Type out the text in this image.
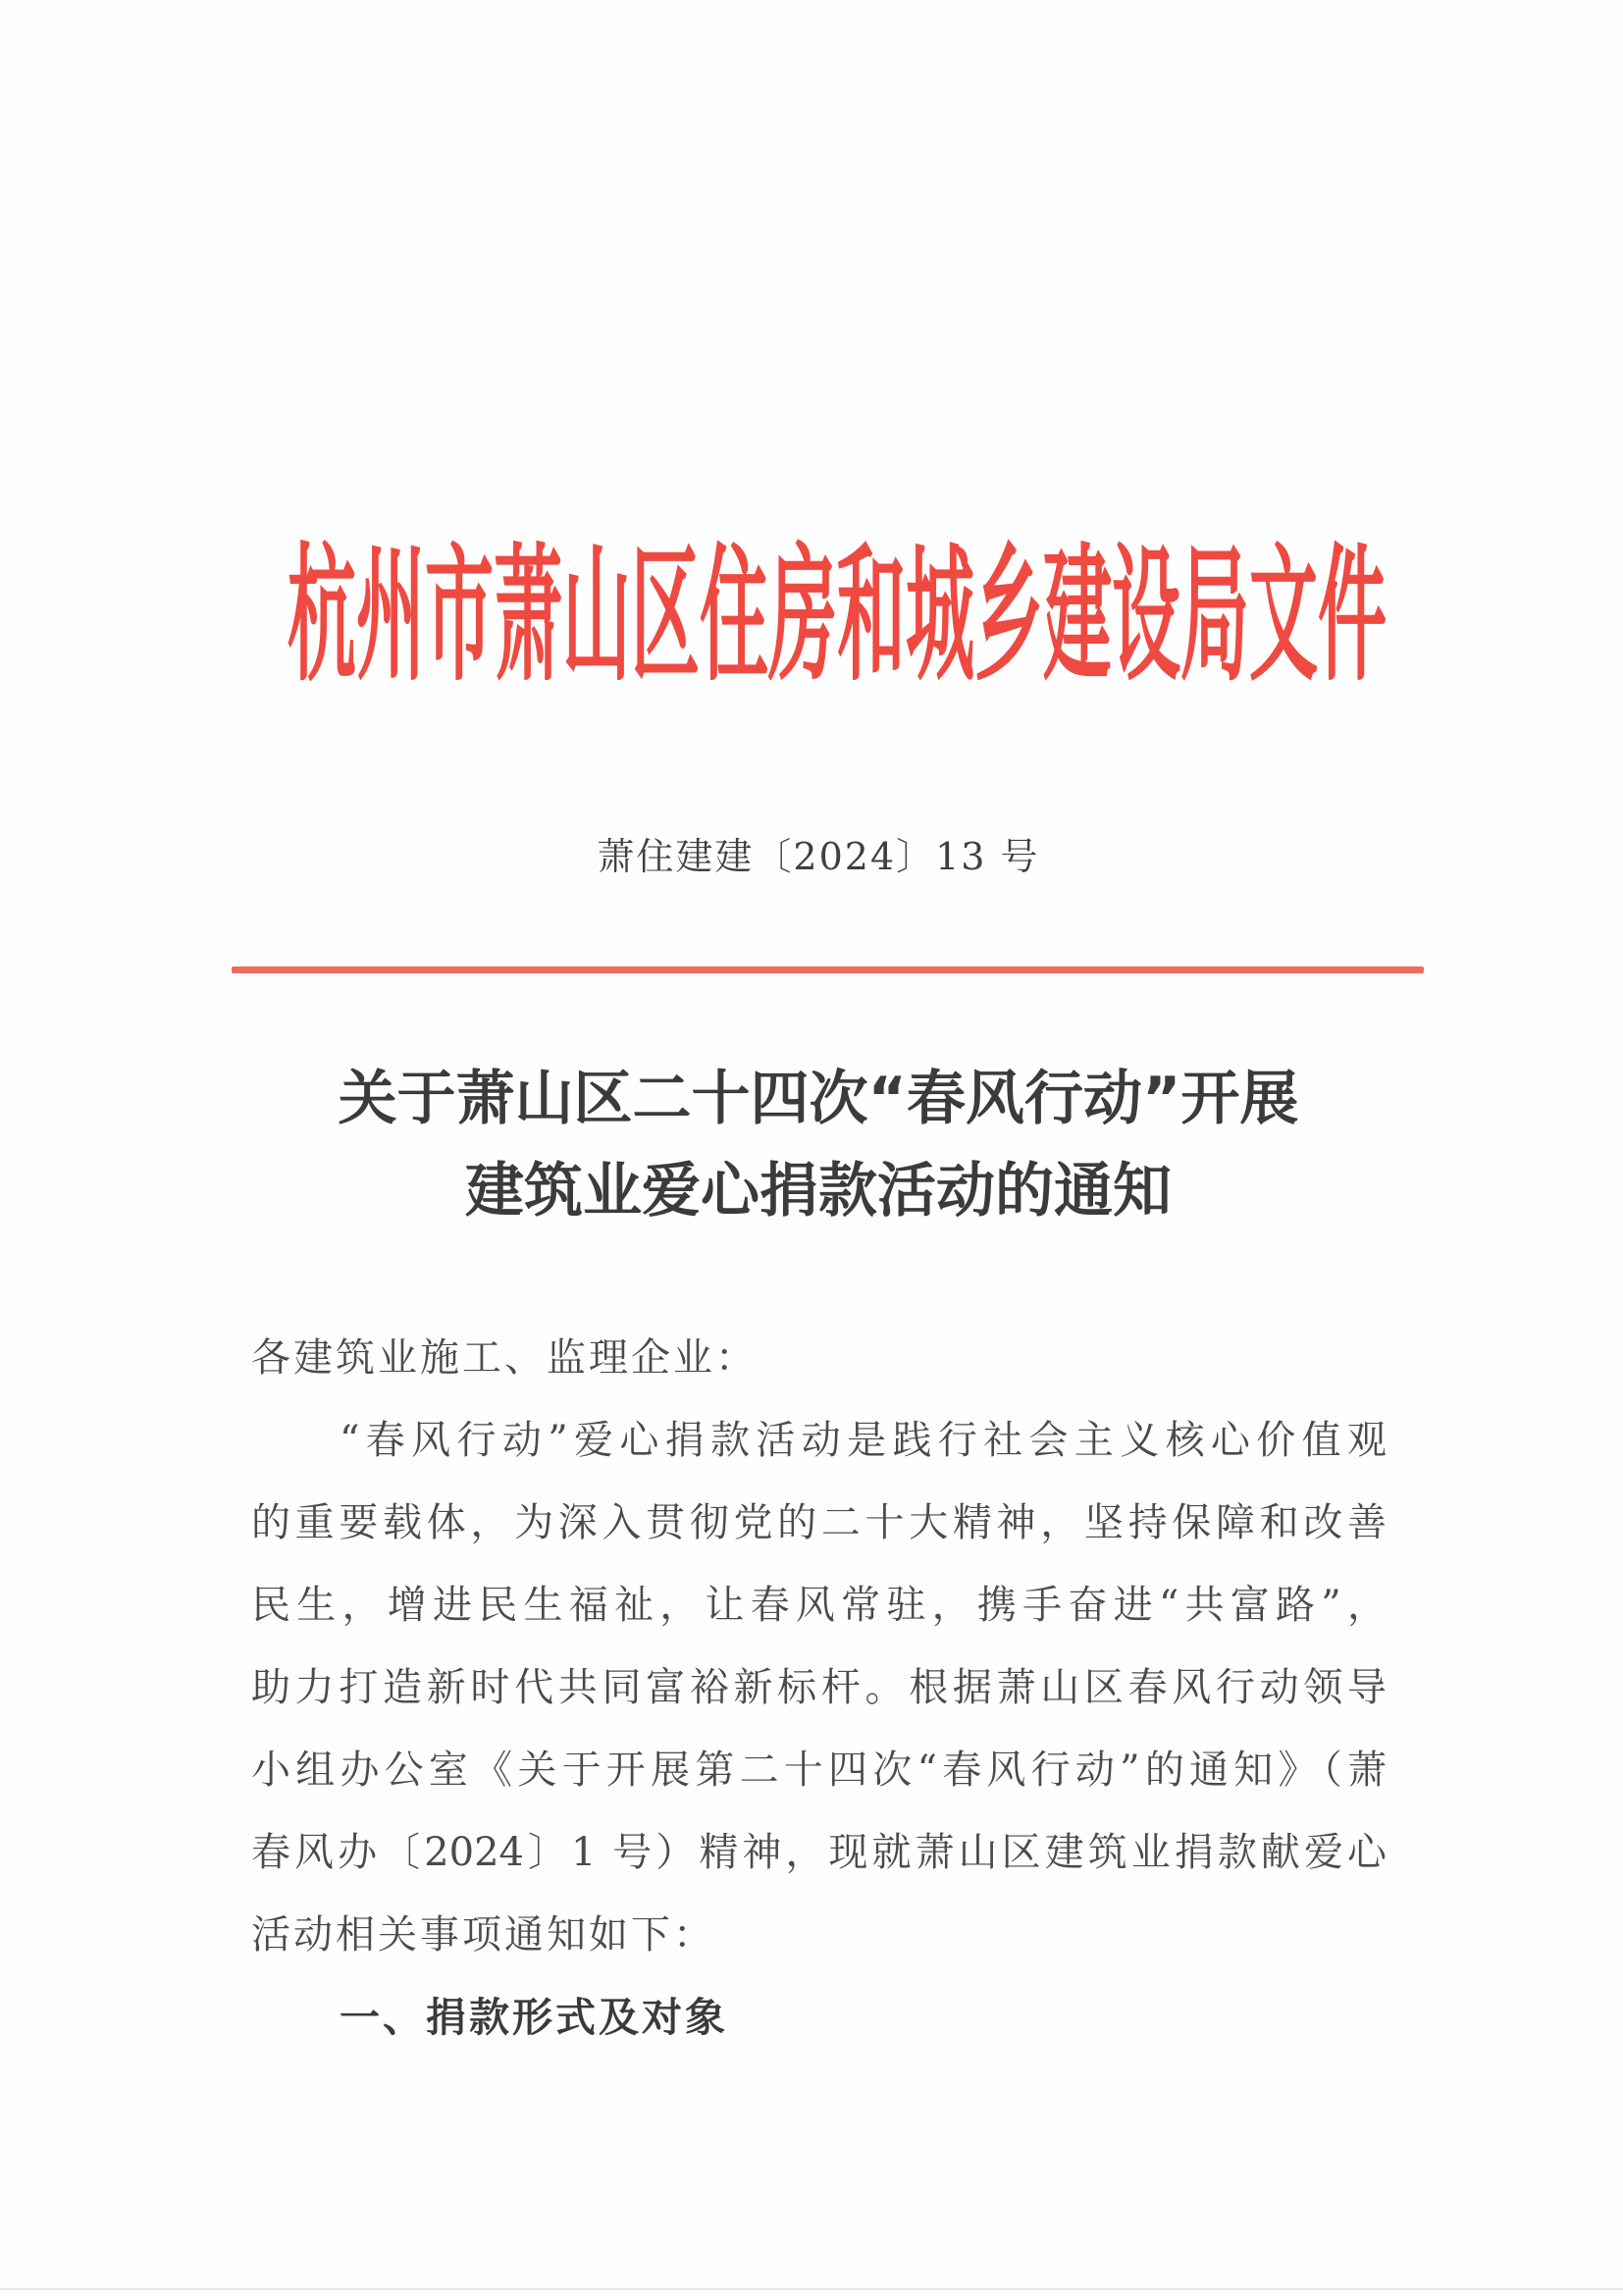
杭州市萧山区住房和城乡建设局文件
萧住建建〔2024〕13 号
关于萧山区二十四次“春风行动”开展
建筑业爱心捐款活动的通知
各建筑业施工、监理企业：
“春风行动”爱心捐款活动是践行社会主义核心价值观
的重要载体，为深入贯彻党的二十大精神，坚持保障和改善
民生，增进民生福祉，让春风常驻，携手奋进“共富路”，
助力打造新时代共同富裕新标杆。根据萧山区春风行动领导
小组办公室《关于开展第二十四次“春风行动”的通知》（萧
春风办〔2024〕1 号）精神，现就萧山区建筑业捐款献爱心
活动相关事项通知如下：
一、捐款形式及对象
